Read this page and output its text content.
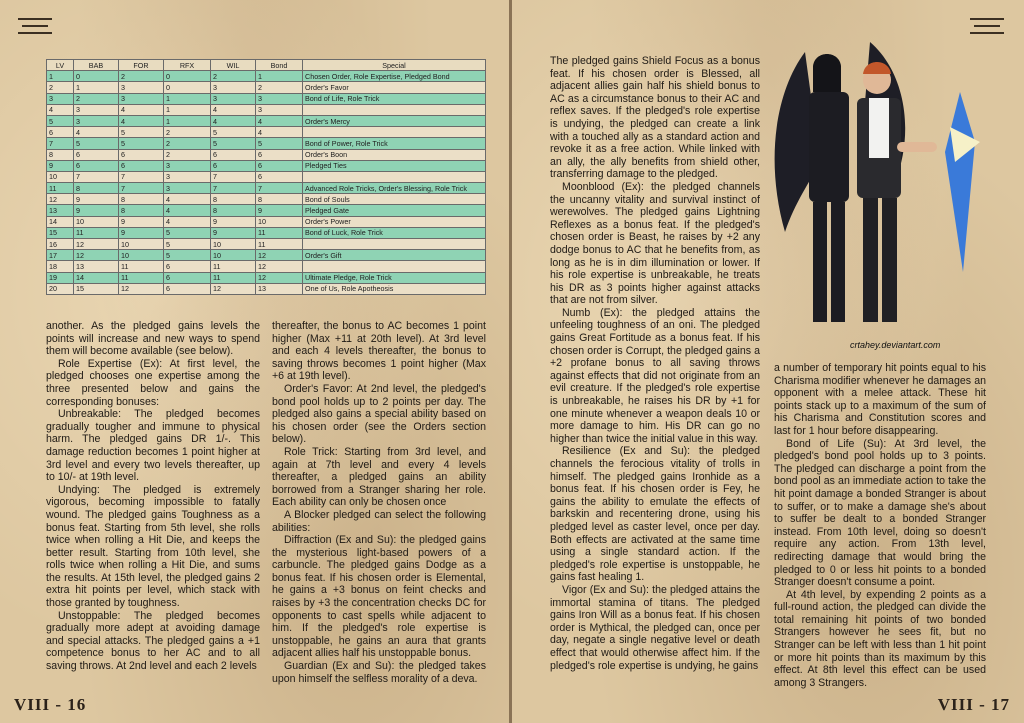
LV	BAB	FOR	RFX	WIL	Bond	Special
1	0	2	0	2	1	Chosen Order, Role Expertise, Pledged Bond
2	1	3	0	3	2	Order's Favor
3	2	3	1	3	3	Bond of Life, Role Trick
4	3	4	1	4	3	
5	3	4	1	4	4	Order's Mercy
6	4	5	2	5	4	
7	5	5	2	5	5	Bond of Power, Role Trick
8	6	6	2	6	6	Order's Boon
9	6	6	3	6	6	Pledged Ties
10	7	7	3	7	6	
11	8	7	3	7	7	Advanced Role Tricks, Order's Blessing, Role Trick
12	9	8	4	8	8	Bond of Souls
13	9	8	4	8	9	Pledged Gate
14	10	9	4	9	10	Order's Power
15	11	9	5	9	11	Bond of Luck, Role Trick
16	12	10	5	10	11	
17	12	10	5	10	12	Order's Gift
18	13	11	6	11	12	
19	14	11	6	11	12	Ultimate Pledge, Role Trick
20	15	12	6	12	13	One of Us, Role Apotheosis

another. As the pledged gains levels the points will increase and new ways to spend them will become available (see below).

Role Expertise (Ex): At first level, the pledged chooses one expertise among the three presented below and gains the corresponding bonuses:

Unbreakable: The pledged becomes gradually tougher and immune to physical harm. The pledged gains DR 1/-. This damage reduction becomes 1 point higher at 3rd level and every two levels thereafter, up to 10/- at 19th level.

Undying: The pledged is extremely vigorous, becoming impossible to fatally wound. The pledged gains Toughness as a bonus feat. Starting from 5th level, she rolls twice when rolling a Hit Die, and keeps the better result. Starting from 10th level, she rolls twice when rolling a Hit Die, and sums the results. At 15th level, the pledged gains 2 extra hit points per level, which stack with those granted by toughness.

Unstoppable: The pledged becomes gradually more adept at avoiding damage and special attacks. The pledged gains a +1 competence bonus to her AC and to all saving throws. At 2nd level and each 2 levels

thereafter, the bonus to AC becomes 1 point higher (Max +11 at 20th level). At 3rd level and each 4 levels thereafter, the bonus to saving throws becomes 1 point higher (Max +6 at 19th level).

Order's Favor: At 2nd level, the pledged's bond pool holds up to 2 points per day. The pledged also gains a special ability based on his chosen order (see the Orders section below).

Role Trick: Starting from 3rd level, and again at 7th level and every 4 levels thereafter, a pledged gains an ability borrowed from a Stranger sharing her role. Each ability can only be chosen once

A Blocker pledged can select the following abilities:

Diffraction (Ex and Su): the pledged gains the mysterious light-based powers of a carbuncle. The pledged gains Dodge as a bonus feat. If his chosen order is Elemental, he gains a +3 bonus on feint checks and raises by +3 the concentration checks DC for opponents to cast spells while adjacent to him. If the pledged's role expertise is unstoppable, he gains an aura that grants adjacent allies half his unstoppable bonus.

Guardian (Ex and Su): the pledged takes upon himself the selfless morality of a deva.

VIII - 16

The pledged gains Shield Focus as a bonus feat. If his chosen order is Blessed, all adjacent allies gain half his shield bonus to AC as a circumstance bonus to their AC and reflex saves. If the pledged's role expertise is undying, the pledged can create a link with a touched ally as a standard action and revoke it as a free action. While linked with an ally, the ally benefits from shield other, transferring damage to the pledged.

Moonblood (Ex): the pledged channels the uncanny vitality and survival instinct of werewolves. The pledged gains Lightning Reflexes as a bonus feat. If the pledged's chosen order is Beast, he raises by +2 any dodge bonus to AC that he benefits from, as long as he is in dim illumination or lower. If his role expertise is unbreakable, he treats his DR as 3 points higher against attacks that are not from silver.

Numb (Ex): the pledged attains the unfeeling toughness of an oni. The pledged gains Great Fortitude as a bonus feat. If his chosen order is Corrupt, the pledged gains a +2 profane bonus to all saving throws against effects that did not originate from an evil creature. If the pledged's role expertise is unbreakable, he raises his DR by +1 for one minute whenever a weapon deals 10 or more damage to him. His DR can go no higher than twice the initial value in this way.

Resilience (Ex and Su): the pledged channels the ferocious vitality of trolls in himself. The pledged gains Ironhide as a bonus feat. If his chosen order is Fey, he gains the ability to emulate the effects of barkskin and recentering drone, using his pledged level as caster level, once per day. Both effects are activated at the same time using a single standard action. If the pledged's role expertise is unstoppable, he gains fast healing 1.

Vigor (Ex and Su): the pledged attains the immortal stamina of titans. The pledged gains Iron Will as a bonus feat. If his chosen order is Mythical, the pledged can, once per day, negate a single negative level or death effect that would otherwise affect him. If the pledged's role expertise is undying, he gains

a number of temporary hit points equal to his Charisma modifier whenever he damages an opponent with a melee attack. These hit points stack up to a maximum of the sum of his Charisma and Constitution scores and last for 1 hour before disappearing.

Bond of Life (Su): At 3rd level, the pledged's bond pool holds up to 3 points. The pledged can discharge a point from the bond pool as an immediate action to take the hit point damage a bonded Stranger is about to suffer, or to make a damage she's about to suffer be dealt to a bonded Stranger instead. From 10th level, doing so doesn't require any action. From 13th level, redirecting damage that would bring the pledged to 0 or less hit points to a bonded Stranger doesn't consume a point.

At 4th level, by expending 2 points as a full-round action, the pledged can divide the total remaining hit points of two bonded Strangers however he sees fit, but no Stranger can be left with less than 1 hit point or more hit points than its maximum by this effect. At 8th level this effect can be used among 3 Strangers.

VIII - 17
crtahey.deviantart.com
